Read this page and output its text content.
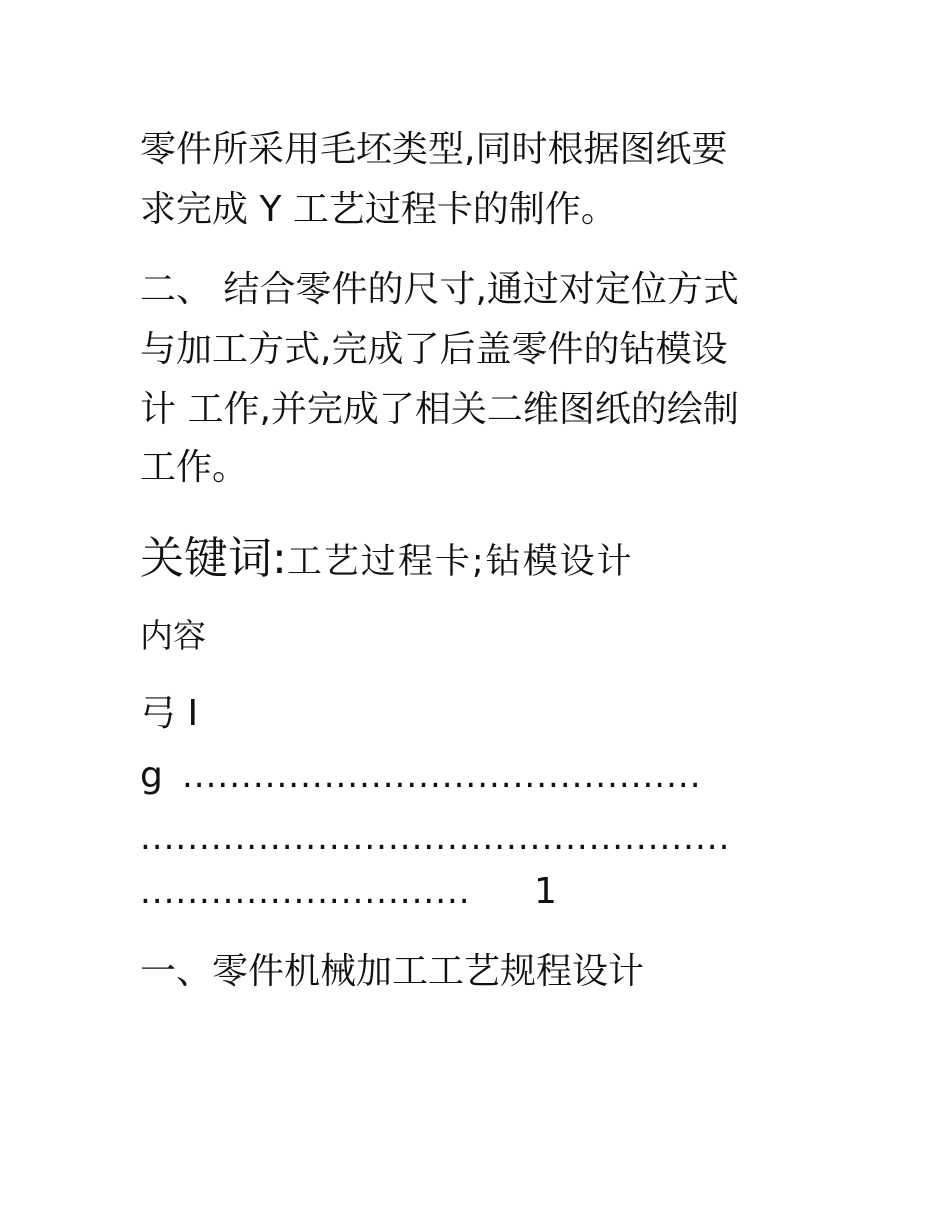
零件所采用毛坯类型,同时根据图纸要
求完成 Y 工艺过程卡的制作。
二、 结合零件的尺寸,通过对定位方式
与加工方式,完成了后盖零件的钻模设
计 工作,并完成了相关二维图纸的绘制
工作。
关键词:工艺过程卡;钻模设计
内容
弓 I
g ............................................
..................................................
............................	1
一、零件机械加工工艺规程设计
